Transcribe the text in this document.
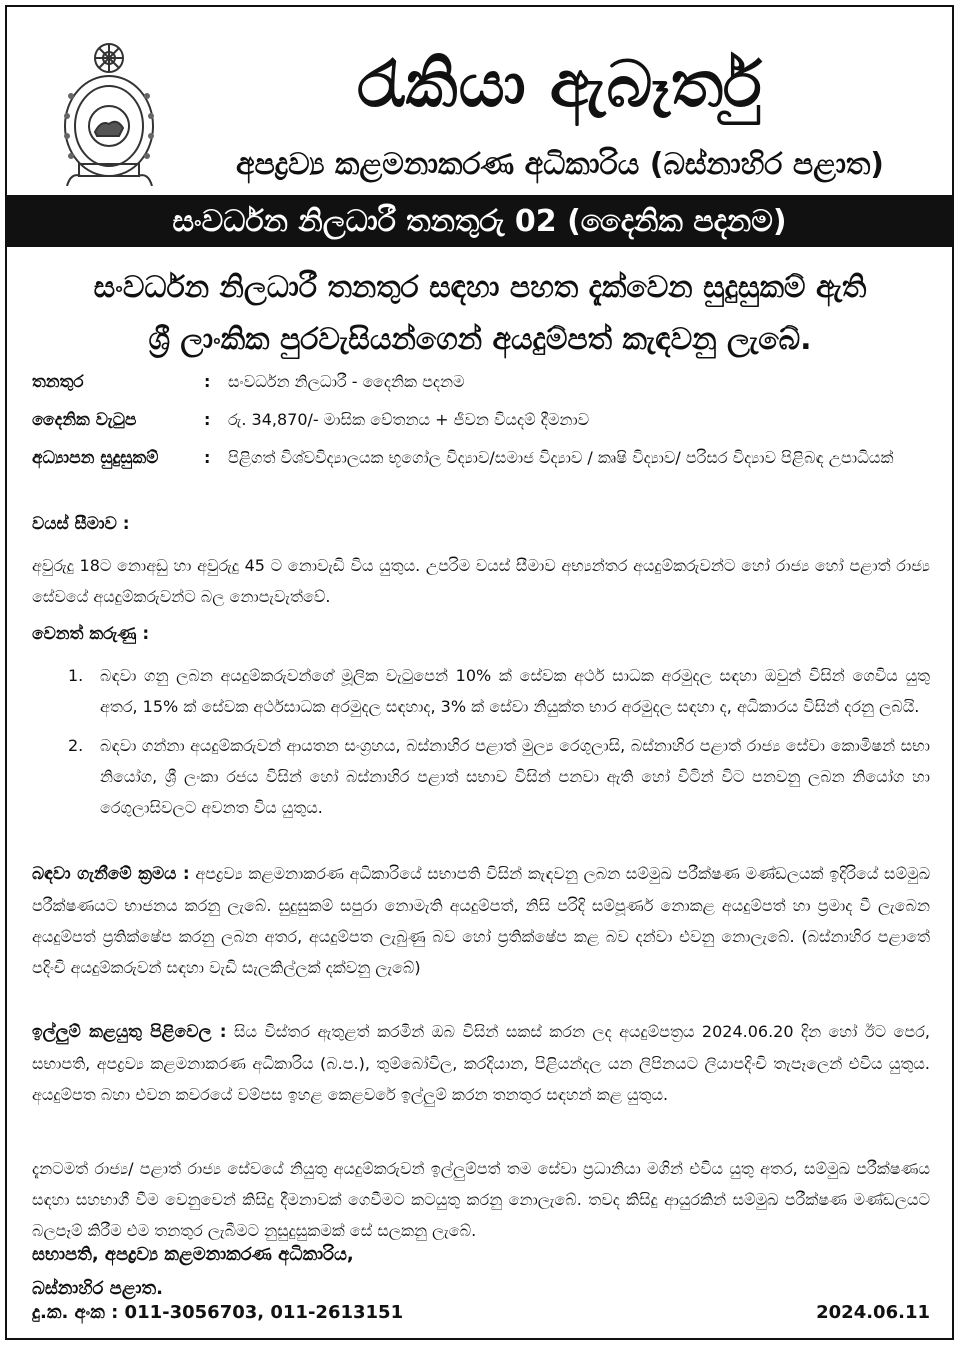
රැකියා ඇබෑර්තු
අපද්‍රව්‍ය කළමනාකරණ අධිකාරිය (බස්නාහිර පළාත)
සංවර්ධන නිලධාරී තනතුරු 02 (දෛනික පදනම)
සංවර්ධන නිලධාරී තනතුර සඳහා පහත දැක්වෙන සුදුසුකම් ඇති
ශ්‍රී ලාංකික පුරවැසියන්ගෙන් අයදුම්පත් කැඳවනු ලැබේ.
තනතුර	:	සංවර්ධන නිලධාරී - දෛනික පදනම
දෛනික වැටුප	:	රු. 34,870/- මාසික වේතනය + ජීවන වියදම් දීමනාව
අධ්‍යාපන සුදුසුකම්	:	පිළිගත් විශ්වවිද්‍යාලයක භූගෝල විද්‍යාව/සමාජ විද්‍යාව / කෘෂි විද්‍යාව/ පරිසර විද්‍යාව පිළිබඳ උපාධියක්
වයස් සීමාව :
අවුරුදු 18ට නොඅඩු හා අවුරුදු 45 ට නොවැඩි විය යුතුය. උපරිම වයස් සීමාව අභ්‍යන්තර අයදුම්කරුවන්ට හෝ රාජ්‍ය හෝ පළාත් රාජ්‍ය සේවයේ අයදුම්කරුවන්ට බල නොපැවැත්වේ.
වෙනත් කරුණු :
1.	බඳවා ගනු ලබන අයදුම්කරුවන්ගේ මූලික වැටුපෙන් 10% ක් සේවක අර්ථ සාධක අරමුදල සඳහා ඔවුන් විසින් ගෙවිය යුතු අතර, 15% ක් සේවක අර්ථසාධක අරමුදල සඳහාද, 3% ක් සේවා නියුක්ත භාර අරමුදල සඳහා ද, අධිකාරය විසින් දරනු ලබයි.
2.	බඳවා ගන්නා අයදුම්කරුවන් ආයතන සංග්‍රහය, බස්නාහිර පළාත් මුල්‍ය රෙගුලාසි, බස්නාහිර පළාත් රාජ්‍ය සේවා කොමිෂන් සභා නියෝග, ශ්‍රී ලංකා රජය විසින් හෝ බස්නාහිර පළාත් සභාව විසින් පනවා ඇති හෝ විටින් විට පනවනු ලබන නියෝග හා රෙගුලාසිවලට අවනත විය යුතුය.
බඳවා ගැනීමේ ක්‍රමය : අපද්‍රව්‍ය කළමනාකරණ අධිකාරියේ සභාපති විසින් කැඳවනු ලබන සම්මුඛ පරීක්ෂණ මණ්ඩලයක් ඉදිරියේ සම්මුඛ පරීක්ෂණයට භාජනය කරනු ලැබේ. සුදුසුකම් සපුරා නොමැති අයදුම්පත්, නිසි පරිදි සම්පූර්ණ නොකළ අයදුම්පත් හා ප්‍රමාද වී ලැබෙන අයදුම්පත් ප්‍රතික්ෂේප කරනු ලබන අතර, අයදුම්පත ලැබුණු බව හෝ ප්‍රතික්ෂේප කළ බව දන්වා එවනු නොලැබේ. (බස්නාහිර පළාතේ පදිංචි අයදුම්කරුවන් සඳහා වැඩි සැලකිල්ලක් දක්වනු ලැබේ)
ඉල්ලුම් කළයුතු පිළිවෙල : සිය විස්තර ඇතුළත් කරමින් ඔබ විසින් සකස් කරන ලද අයදුම්පත්‍රය 2024.06.20 දින හෝ ඊට පෙර, සභාපති, අපද්‍රව්‍ය කළමනාකරණ අධිකාරිය (බ.ප.), තුම්බෝවිල, කරදියාන, පිළියන්දල යන ලිපිනයට ලියාපදිංචි තැපෑලෙන් එවිය යුතුය. අයදුම්පත බහා එවන කවරයේ වම්පස ඉහළ කෙළවරේ ඉල්ලුම් කරන තනතුර සඳහන් කළ යුතුය.
දැනටමත් රාජ්‍ය/ පළාත් රාජ්‍ය සේවයේ නියුතු අයදුම්කරුවන් ඉල්ලුම්පත් තම සේවා ප්‍රධානියා මගින් එවිය යුතු අතර, සම්මුඛ පරීක්ෂණය සඳහා සහභාගී වීම වෙනුවෙන් කිසිදු දීමනාවක් ගෙවීමට කටයුතු කරනු නොලැබේ. තවද කිසිදු ආයුරකින් සම්මුඛ පරීක්ෂණ මණ්ඩලයට බලපෑම් කිරීම එම තනතුර ලැබීමට නුසුදුසුකමක් සේ සලකනු ලැබේ.
සභාපති, අපද්‍රව්‍ය කළමනාකරණ අධිකාරිය,
බස්නාහිර පළාත.
දු.ක. අංක : 011-3056703, 011-2613151	2024.06.11
